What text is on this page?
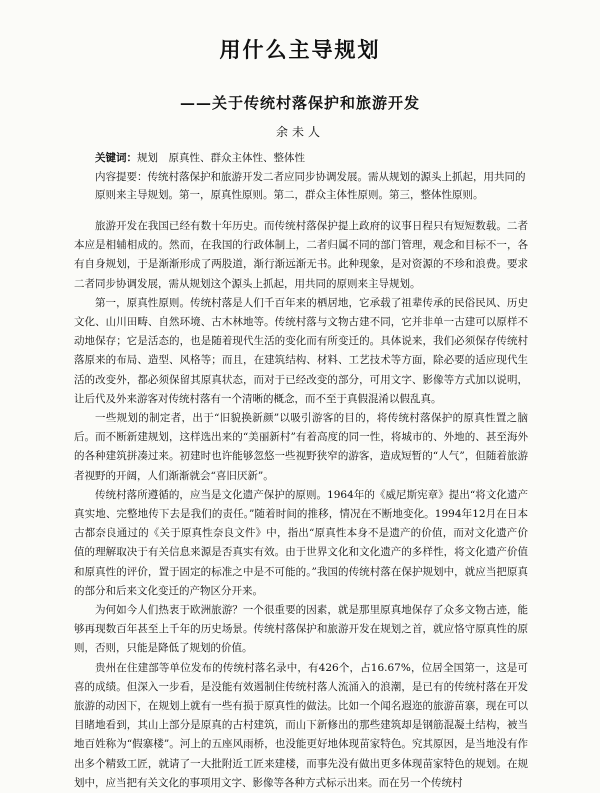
用什么主导规划
——关于传统村落保护和旅游开发
余未人
关键词：规划　原真性、群众主体性、整体性
内容提要：传统村落保护和旅游开发二者应同步协调发展。需从规划的源头上抓起，用共同的原则来主导规划。第一，原真性原则。第二，群众主体性原则。第三，整体性原则。

旅游开发在我国已经有数十年历史。而传统村落保护提上政府的议事日程只有短短数载。二者本应是相辅相成的。然而，在我国的行政体制上，二者归属不同的部门管理，观念和目标不一，各有自身规划，于是渐渐形成了两股道，渐行渐远渐无书。此种现象，是对资源的不珍和浪费。要求二者同步协调发展，需从规划这个源头上抓起，用共同的原则来主导规划。

第一，原真性原则。传统村落是人们千百年来的栖居地，它承载了祖辈传承的民俗民风、历史文化、山川田畴、自然环境、古木林地等。传统村落与文物古建不同，它并非单一古建可以原样不动地保存；它是活态的，也是随着现代生活的变化而有所变迁的。具体说来，我们必须保存传统村落原来的布局、造型、风格等；而且，在建筑结构、材料、工艺技术等方面，除必要的适应现代生活的改变外，都必须保留其原真状态，而对于已经改变的部分，可用文字、影像等方式加以说明，让后代及外来游客对传统村落有一个清晰的概念，而不至于真假混淆以假乱真。

一些规划的制定者，出于“旧貌换新颜”以吸引游客的目的，将传统村落保护的原真性置之脑后。而不断新建规划，这样选出来的“美丽新村”有着高度的同一性，将城市的、外地的、甚至海外的各种建筑拼凑过来。初建时也许能够忽悠一些视野狭窄的游客，造成短暂的“人气”，但随着旅游者视野的开阔，人们渐渐就会“喜旧厌新”。

传统村落所遵循的，应当是文化遗产保护的原则。1964年的《威尼斯宪章》提出“将文化遗产真实地、完整地传下去是我们的责任。”随着时间的推移，情况在不断地变化。1994年12月在日本古都奈良通过的《关于原真性奈良文件》中，指出“原真性本身不是遗产的价值，而对文化遗产价值的理解取决于有关信息来源是否真实有效。由于世界文化和文化遗产的多样性，将文化遗产价值和原真性的评价，置于固定的标准之中是不可能的。”我国的传统村落在保护规划中，就应当把原真的部分和后来文化变迁的产物区分开来。

为何如今人们热衷于欧洲旅游？一个很重要的因素，就是那里原真地保存了众多文物古迹，能够再现数百年甚至上千年的历史场景。传统村落保护和旅游开发在规划之首，就应恪守原真性的原则，否则，只能是降低了规划的价值。

贵州在住建部等单位发布的传统村落名录中，有426个，占16.67%，位居全国第一，这是可喜的成绩。但深入一步看，是没能有效遏制住传统村落人流涌入的浪潮，是已有的传统村落在开发旅游的动因下，在规划上就有一些有损于原真性的做法。比如一个闻名遐迩的旅游苗寨，现在可以目睹地看到，其山上部分是原真的古村建筑，而山下新修出的那些建筑却是钢筋混凝土结构，被当地百姓称为“假寨楼”。河上的五座风雨桥，也没能更好地体现苗家特色。究其原因，是当地没有作出多个精致工匠，就请了一大批附近工匠来建楼，而事先没有做出更多体现苗家特色的规划。在规划中，应当把有关文化的事项用文字、影像等各种方式标示出来。而在另一个传统村
